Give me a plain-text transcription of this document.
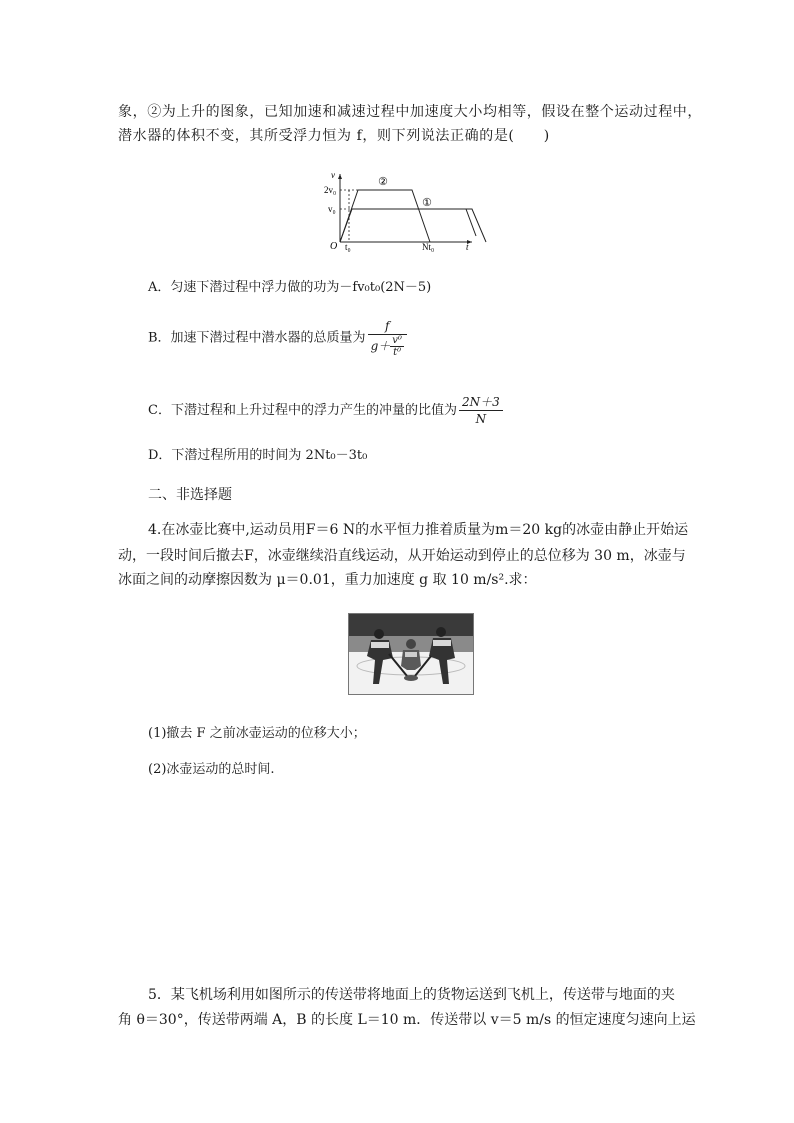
象，②为上升的图象，已知加速和减速过程中加速度大小均相等，假设在整个运动过程中，
潜水器的体积不变，其所受浮力恒为 f，则下列说法正确的是(　　)
v
t
O
2v₀
v₀
t₀	Nt₀
②
①
A．匀速下潜过程中浮力做的功为－fv₀t₀(2N－5)
B．加速下潜过程中潜水器的总质量为 $\frac{f}{g+ \frac{\text{v⁰}}{\text{t⁰}}}$
C．下潜过程和上升过程中的浮力产生的冲量的比值为 $\frac{2N+3}{N}$
D．下潜过程所用的时间为 2Nt₀－3t₀
二、非选择题
4.在冰壶比赛中,运动员用F＝6 N的水平恒力推着质量为m＝20 kg的冰壶由静止开始运
动，一段时间后撤去F，冰壶继续沿直线运动，从开始运动到停止的总位移为 30 m，冰壶与
冰面之间的动摩擦因数为 μ＝0.01，重力加速度 g 取 10 m/s².求：
(1)撤去 F 之前冰壶运动的位移大小；
(2)冰壶运动的总时间.
5．某飞机场利用如图所示的传送带将地面上的货物运送到飞机上，传送带与地面的夹
角 θ＝30°，传送带两端 A，B 的长度 L＝10 m．传送带以 v＝5 m/s 的恒定速度匀速向上运
